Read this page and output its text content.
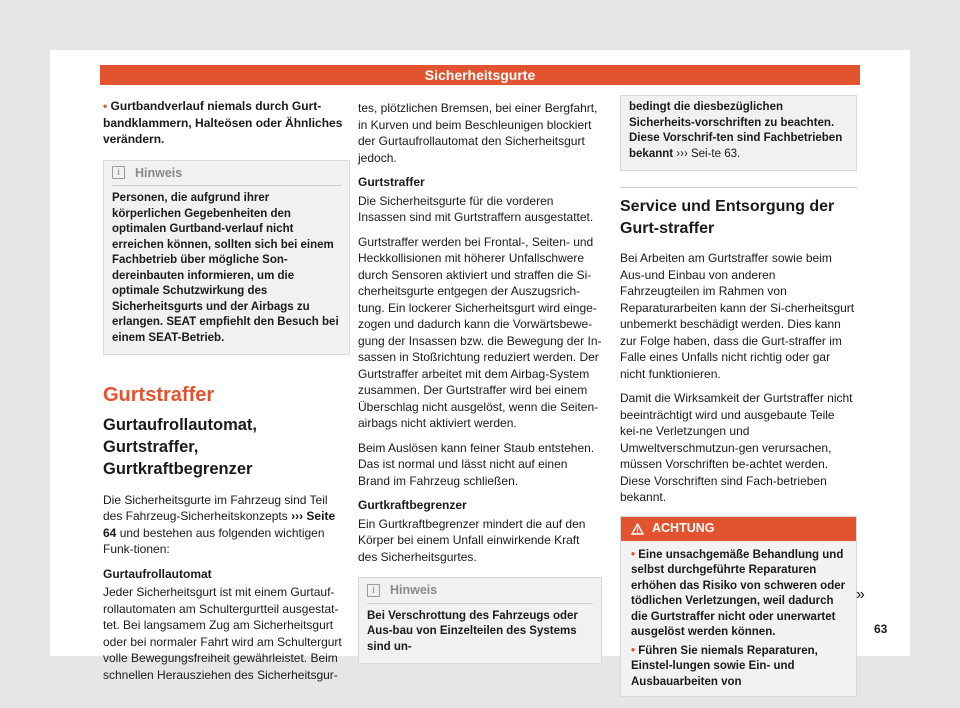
Sicherheitsgurte

• Gurtbandverlauf niemals durch Gurt-bandklammern, Halteösen oder Ähnliches verändern.

i	Hinweis
Personen, die aufgrund ihrer körperlichen Gegebenheiten den optimalen Gurtband-verlauf nicht erreichen können, sollten sich bei einem Fachbetrieb über mögliche Son-dereinbauten informieren, um die optimale Schutzwirkung des Sicherheitsgurts und der Airbags zu erlangen. SEAT empfiehlt den Besuch bei einem SEAT-Betrieb.
Gurtstraffer
Gurtaufrollautomat, Gurtstraffer, Gurtkraftbegrenzer

Die Sicherheitsgurte im Fahrzeug sind Teil des Fahrzeug-Sicherheitskonzepts ››› Seite 64 und bestehen aus folgenden wichtigen Funk-tionen:

Gurtaufrollautomat

Jeder Sicherheitsgurt ist mit einem Gurtauf-rollautomaten am Schultergurtteil ausgestat-tet. Bei langsamem Zug am Sicherheitsgurt oder bei normaler Fahrt wird am Schultergurt volle Bewegungsfreiheit gewährleistet. Beim schnellen Herausziehen des Sicherheitsgur-

tes, plötzlichen Bremsen, bei einer Bergfahrt, in Kurven und beim Beschleunigen blockiert der Gurtaufrollautomat den Sicherheitsgurt jedoch.

Gurtstraffer

Die Sicherheitsgurte für die vorderen Insassen sind mit Gurtstraffern ausgestattet.

Gurtstraffer werden bei Frontal-, Seiten- und Heckkollisionen mit höherer Unfallschwere durch Sensoren aktiviert und straffen die Si-cherheitsgurte entgegen der Auszugsrich-tung. Ein lockerer Sicherheitsgurt wird einge-zogen und dadurch kann die Vorwärtsbewe-gung der Insassen bzw. die Bewegung der In-sassen in Stoßrichtung reduziert werden. Der Gurtstraffer arbeitet mit dem Airbag-System zusammen. Der Gurtstraffer wird bei einem Überschlag nicht ausgelöst, wenn die Seiten-airbags nicht aktiviert werden.

Beim Auslösen kann feiner Staub entstehen. Das ist normal und lässt nicht auf einen Brand im Fahrzeug schließen.

Gurtkraftbegrenzer

Ein Gurtkraftbegrenzer mindert die auf den Körper bei einem Unfall einwirkende Kraft des Sicherheitsgurtes.

i	Hinweis
Bei Verschrottung des Fahrzeugs oder Aus-bau von Einzelteilen des Systems sind un-
bedingt die diesbezüglichen Sicherheits-vorschriften zu beachten. Diese Vorschrif-ten sind Fachbetrieben bekannt ››› Sei-te 63.
Service und Entsorgung der Gurt-straffer

Bei Arbeiten am Gurtstraffer sowie beim Aus-und Einbau von anderen Fahrzeugteilen im Rahmen von Reparaturarbeiten kann der Si-cherheitsgurt unbemerkt beschädigt werden. Dies kann zur Folge haben, dass die Gurt-straffer im Falle eines Unfalls nicht richtig oder gar nicht funktionieren.

Damit die Wirksamkeit der Gurtstraffer nicht beeinträchtigt wird und ausgebaute Teile kei-ne Verletzungen und Umweltverschmutzun-gen verursachen, müssen Vorschriften be-achtet werden. Diese Vorschriften sind Fach-betrieben bekannt.

ACHTUNG

• Eine unsachgemäße Behandlung und selbst durchgeführte Reparaturen erhöhen das Risiko von schweren oder tödlichen Verletzungen, weil dadurch die Gurtstraffer nicht oder unerwartet ausgelöst werden können.

• Führen Sie niemals Reparaturen, Einstel-lungen sowie Ein- und Ausbauarbeiten von

»
63
